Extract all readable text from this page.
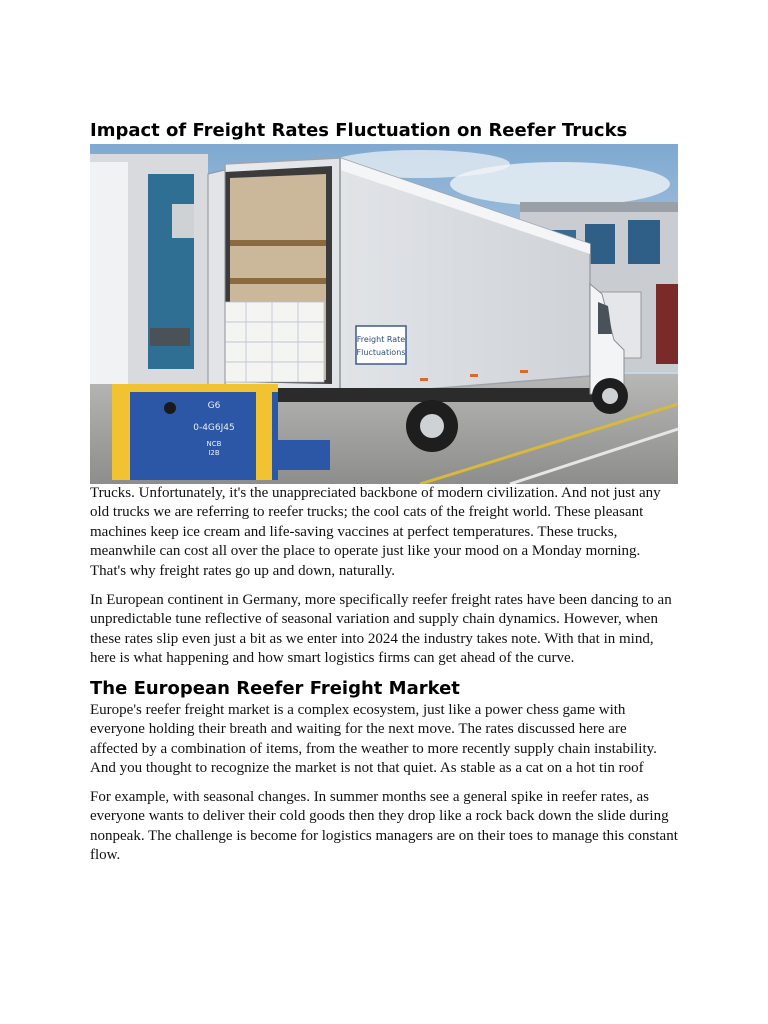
Impact of Freight Rates Fluctuation on Reefer Trucks
Freight Rate
Fluctuations
G6
0-4G6J45
NCB
I2B

Trucks. Unfortunately, it's the unappreciated backbone of modern civilization. And not just any old trucks we are referring to reefer trucks; the cool cats of the freight world. These pleasant machines keep ice cream and life-saving vaccines at perfect temperatures. These trucks, meanwhile can cost all over the place to operate just like your mood on a Monday morning. That's why freight rates go up and down, naturally.

In European continent in Germany, more specifically reefer freight rates have been dancing to an unpredictable tune reflective of seasonal variation and supply chain dynamics. However, when these rates slip even just a bit as we enter into 2024 the industry takes note. With that in mind, here is what happening and how smart logistics firms can get ahead of the curve.

The European Reefer Freight Market

Europe's reefer freight market is a complex ecosystem, just like a power chess game with everyone holding their breath and waiting for the next move. The rates discussed here are affected by a combination of items, from the weather to more recently supply chain instability. And you thought to recognize the market is not that quiet. As stable as a cat on a hot tin roof

For example, with seasonal changes. In summer months see a general spike in reefer rates, as everyone wants to deliver their cold goods then they drop like a rock back down the slide during nonpeak. The challenge is become for logistics managers are on their toes to manage this constant flow.
